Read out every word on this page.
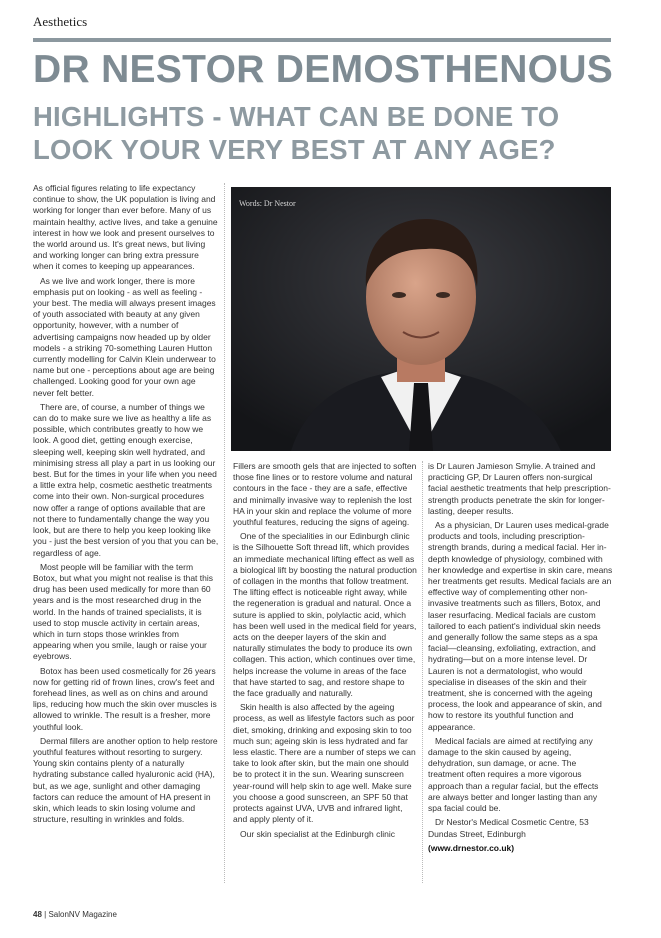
Aesthetics
DR NESTOR DEMOSTHENOUS
HIGHLIGHTS - WHAT CAN BE DONE TO
LOOK YOUR VERY BEST AT ANY AGE?

As official figures relating to life expectancy continue to show, the UK population is living and working for longer than ever before. Many of us maintain healthy, active lives, and take a genuine interest in how we look and present ourselves to the world around us. It's great news, but living and working longer can bring extra pressure when it comes to keeping up appearances.

As we live and work longer, there is more emphasis put on looking - as well as feeling - your best. The media will always present images of youth associated with beauty at any given opportunity, however, with a number of advertising campaigns now headed up by older models - a striking 70-something Lauren Hutton currently modelling for Calvin Klein underwear to name but one - perceptions about age are being challenged. Looking good for your own age never felt better.

There are, of course, a number of things we can do to make sure we live as healthy a life as possible, which contributes greatly to how we look. A good diet, getting enough exercise, sleeping well, keeping skin well hydrated, and minimising stress all play a part in us looking our best. But for the times in your life when you need a little extra help, cosmetic aesthetic treatments come into their own. Non-surgical procedures now offer a range of options available that are not there to fundamentally change the way you look, but are there to help you keep looking like you - just the best version of you that you can be, regardless of age.

Most people will be familiar with the term Botox, but what you might not realise is that this drug has been used medically for more than 60 years and is the most researched drug in the world. In the hands of trained specialists, it is used to stop muscle activity in certain areas, which in turn stops those wrinkles from appearing when you smile, laugh or raise your eyebrows.

Botox has been used cosmetically for 26 years now for getting rid of frown lines, crow's feet and forehead lines, as well as on chins and around lips, reducing how much the skin over muscles is allowed to wrinkle. The result is a fresher, more youthful look.

Dermal fillers are another option to help restore youthful features without resorting to surgery. Young skin contains plenty of a naturally hydrating substance called hyaluronic acid (HA), but, as we age, sunlight and other damaging factors can reduce the amount of HA present in skin, which leads to skin losing volume and structure, resulting in wrinkles and folds.

Words: Dr Nestor

Fillers are smooth gels that are injected to soften those fine lines or to restore volume and natural contours in the face - they are a safe, effective and minimally invasive way to replenish the lost HA in your skin and replace the volume of more youthful features, reducing the signs of ageing.

One of the specialities in our Edinburgh clinic is the Silhouette Soft thread lift, which provides an immediate mechanical lifting effect as well as a biological lift by boosting the natural production of collagen in the months that follow treatment. The lifting effect is noticeable right away, while the regeneration is gradual and natural. Once a suture is applied to skin, polylactic acid, which has been well used in the medical field for years, acts on the deeper layers of the skin and naturally stimulates the body to produce its own collagen. This action, which continues over time, helps increase the volume in areas of the face that have started to sag, and restore shape to the face gradually and naturally.

Skin health is also affected by the ageing process, as well as lifestyle factors such as poor diet, smoking, drinking and exposing skin to too much sun; ageing skin is less hydrated and far less elastic. There are a number of steps we can take to look after skin, but the main one should be to protect it in the sun. Wearing sunscreen year-round will help skin to age well. Make sure you choose a good sunscreen, an SPF 50 that protects against UVA, UVB and infrared light, and apply plenty of it.

Our skin specialist at the Edinburgh clinic

is Dr Lauren Jamieson Smylie. A trained and practicing GP, Dr Lauren offers non-surgical facial aesthetic treatments that help prescription-strength products penetrate the skin for longer-lasting, deeper results.

As a physician, Dr Lauren uses medical-grade products and tools, including prescription-strength brands, during a medical facial. Her in-depth knowledge of physiology, combined with her knowledge and expertise in skin care, means her treatments get results. Medical facials are an effective way of complementing other non-invasive treatments such as fillers, Botox, and laser resurfacing. Medical facials are custom tailored to each patient's individual skin needs and generally follow the same steps as a spa facial—cleansing, exfoliating, extraction, and hydrating—but on a more intense level. Dr Lauren is not a dermatologist, who would specialise in diseases of the skin and their treatment, she is concerned with the ageing process, the look and appearance of skin, and how to restore its youthful function and appearance.

Medical facials are aimed at rectifying any damage to the skin caused by ageing, dehydration, sun damage, or acne. The treatment often requires a more vigorous approach than a regular facial, but the effects are always better and longer lasting than any spa facial could be.

Dr Nestor's Medical Cosmetic Centre, 53 Dundas Street, Edinburgh

(www.drnestor.co.uk)
48 | SalonNV Magazine
